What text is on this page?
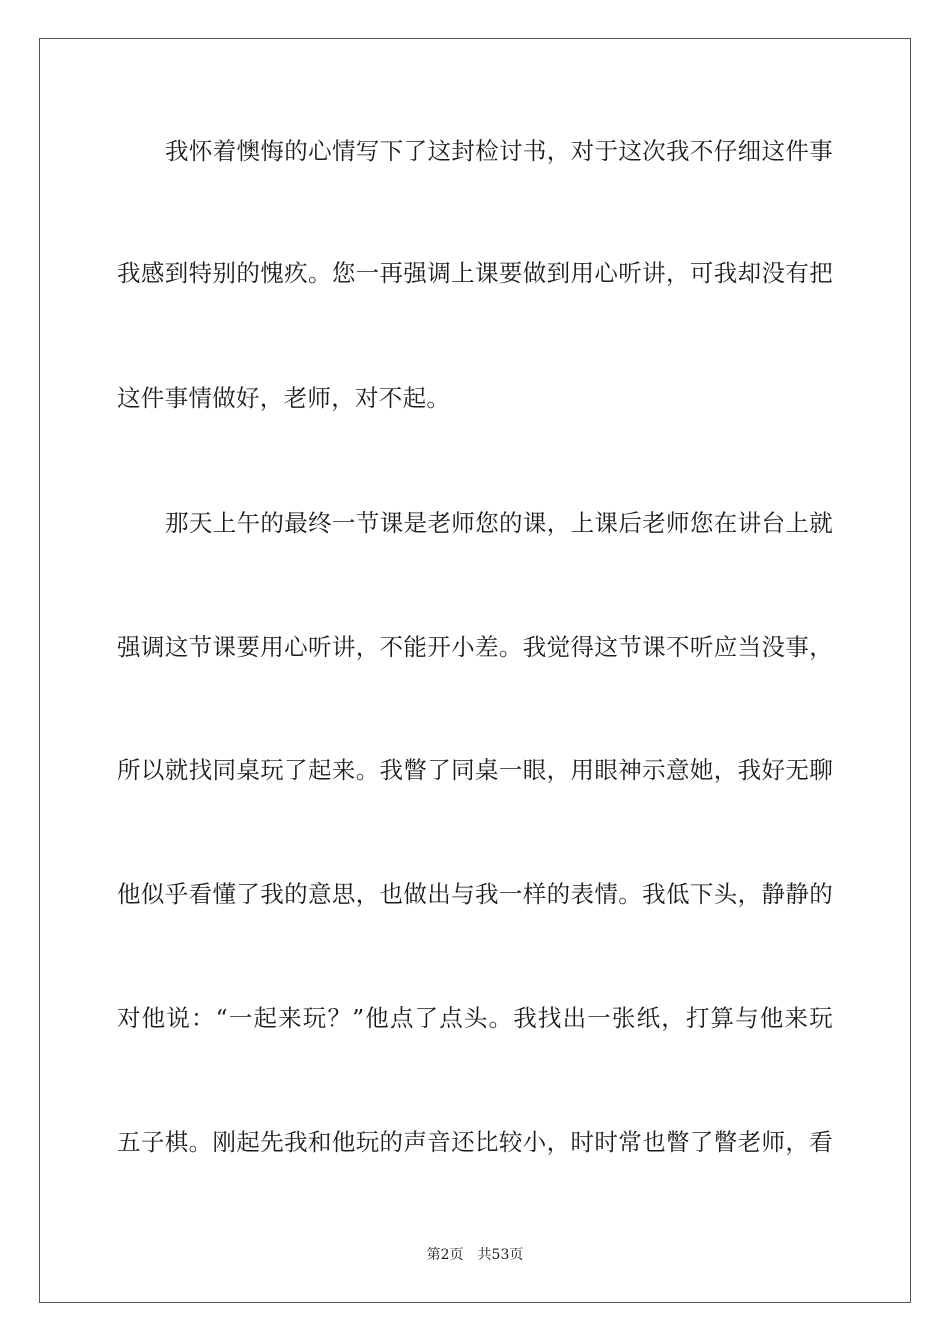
我怀着懊悔的心情写下了这封检讨书，对于这次我不仔细这件事
我感到特别的愧疚。您一再强调上课要做到用心听讲，可我却没有把
这件事情做好，老师，对不起。
那天上午的最终一节课是老师您的课，上课后老师您在讲台上就
强调这节课要用心听讲，不能开小差。我觉得这节课不听应当没事，
所以就找同桌玩了起来。我瞥了同桌一眼，用眼神示意她，我好无聊
他似乎看懂了我的意思，也做出与我一样的表情。我低下头，静静的
对他说：“一起来玩？”他点了点头。我找出一张纸，打算与他来玩
五子棋。刚起先我和他玩的声音还比较小，时时常也瞥了瞥老师，看
第2页 共53页
